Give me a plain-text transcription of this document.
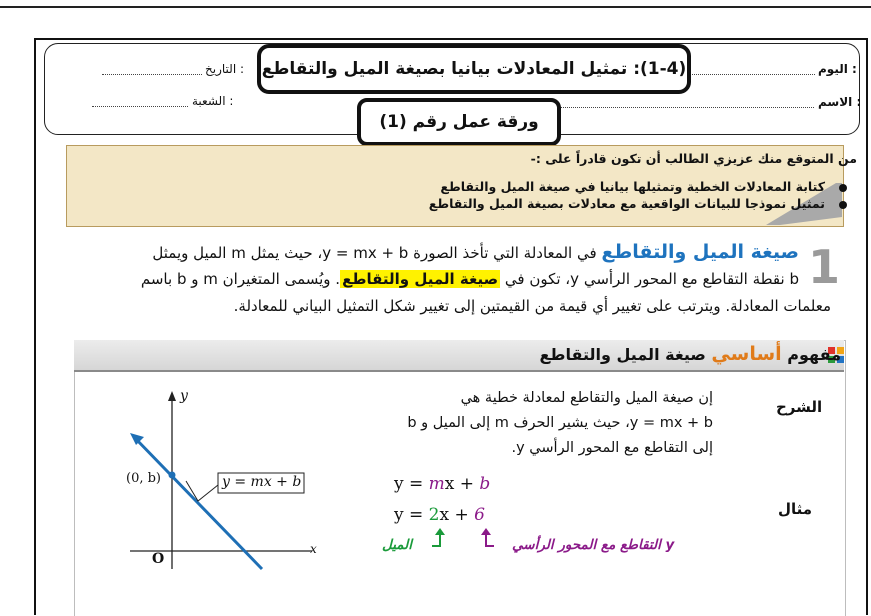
اليوم :
الاسم :
التاريخ :
الشعبة :
(1-4): تمثيل المعادلات بيانيا بصيغة الميل والتقاطع
ورقة عمل رقم (1)
من المتوقع منك عزيزي الطالب أن تكون قادراً على :-
كتابة المعادلات الخطية وتمثيلها بيانيا في صيغة الميل والتقاطع
تمثيل نموذجا للبيانات الواقعية مع معادلات بصيغة الميل والتقاطع
1
صيغة الميل والتقاطع في المعادلة التي تأخذ الصورة y = mx + b، حيث يمثل m الميل ويمثل
b نقطة التقاطع مع المحور الرأسي y، تكون في صيغة الميل والتقاطع. ويُسمى المتغيران m و b باسم
معلمات المعادلة. ويترتب على تغيير أي قيمة من القيمتين إلى تغيير شكل التمثيل البياني للمعادلة.
مفهوم أساسي صيغة الميل والتقاطع
الشرح
إن صيغة الميل والتقاطع لمعادلة خطية هي
y = mx + b، حيث يشير الحرف m إلى الميل و b
إلى التقاطع مع المحور الرأسي y.
مثال
y = mx + b
y = 2x + 6
الميل	التقاطع مع المحور الرأسي y
y
(0, b)	y = mx + b
O
x
